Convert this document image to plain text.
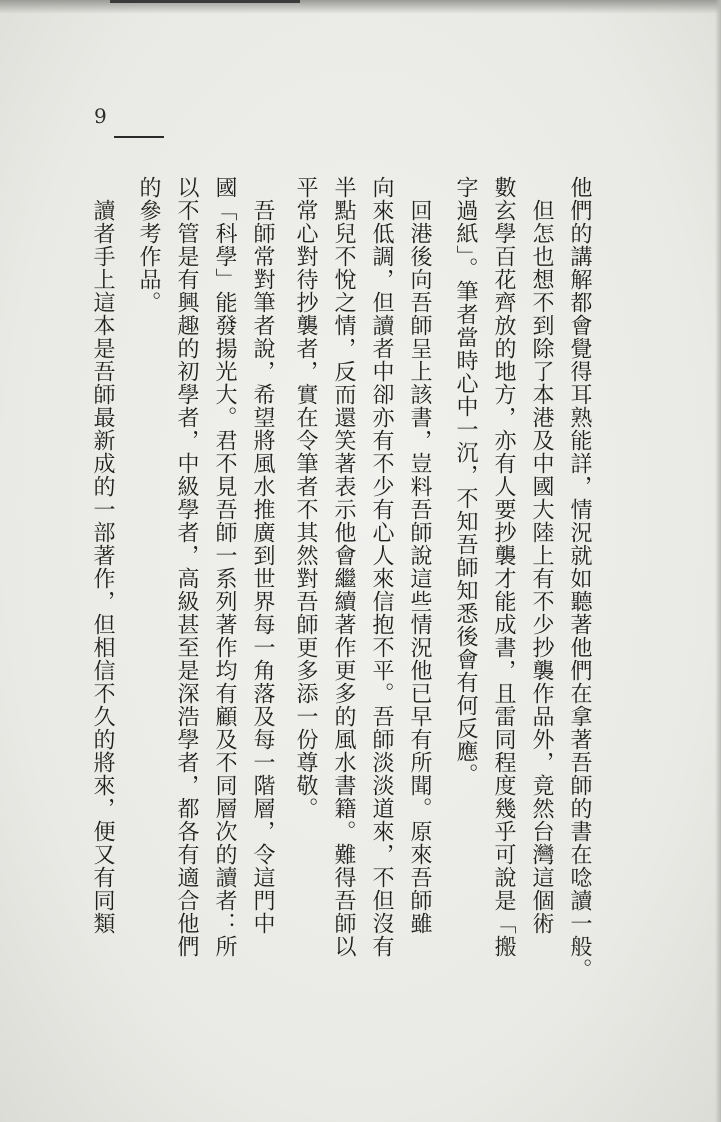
9
他們的講解都會覺得耳熟能詳，情況就如聽著他們在拿著吾師的書在唸讀一般。
　但怎也想不到除了本港及中國大陸上有不少抄襲作品外，竟然台灣這個術
數玄學百花齊放的地方，亦有人要抄襲才能成書，且雷同程度幾乎可說是「搬
字過紙」。筆者當時心中一沉，不知吾師知悉後會有何反應。
　回港後向吾師呈上該書，豈料吾師說這些情況他已早有所聞。原來吾師雖
向來低調，但讀者中卻亦有不少有心人來信抱不平。吾師淡淡道來，不但沒有
半點兒不悅之情，反而還笑著表示他會繼續著作更多的風水書籍。難得吾師以
平常心對待抄襲者，實在令筆者不其然對吾師更多添一份尊敬。
　吾師常對筆者說，希望將風水推廣到世界每一角落及每一階層，令這門中
國「科學」能發揚光大。君不見吾師一系列著作均有顧及不同層次的讀者：所
以不管是有興趣的初學者，中級學者，高級甚至是深浩學者，都各有適合他們
的參考作品。
　讀者手上這本是吾師最新成的一部著作，但相信不久的將來，便又有同類
